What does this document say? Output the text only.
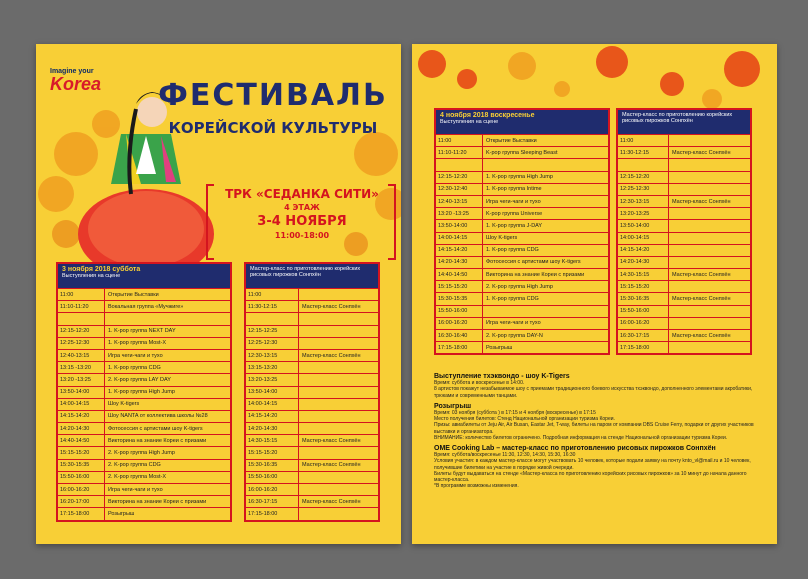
Imagine your
Korea ФЕСТИВАЛЬ
КОРЕЙСКОЙ КУЛЬТУРЫ
ТРК «СЕДАНКА СИТИ»
4 ЭТАЖ
3-4 НОЯБРЯ
11:00-18:00
3 ноября 2018 суббота
Выступления на сцене
11:00	Открытие Выставки
11:10-11:20	Вокальная группа «Мучжиге»
12:15-12:20	1. K-pop группа NEXT DAY
12:25-12:30	1. K-pop группа Most-X
12:40-13:15	Игра чеги-чаги и тухо
13:15 -13:20	1. K-pop группа CDG
13:20 -13:25	2. K-pop группа LAY DAY
13:50-14:00	1. K-pop группа High Jump
14:00-14:15	Шоу K-tigers
14:15-14:20	Шоу NANTA от коллектива школы №28
14:20-14:30	Фотосессия с артистами шоу K-tigers
14:40-14:50	Викторина на знание Кореи с призами
15:15-15:20	2. K-pop группа High Jump
15:30-15:35	2. K-pop группа CDG
15:50-16:00	2. K-pop группа Most-X
16:00-16:20	Игра чеги-чаги и тухо
16:20-17:00	Викторина на знание Кореи с призами
17:15-18:00	Розыгрыш
Мастер-класс по приготовлению корейских рисовых пирожков Сонпхён
11:00
11:30-12:15	Мастер-класс Сонпхён
12:15-12:25
12:25-12:30
12:30-13:15	Мастер-класс Сонпхён
13:15-13:20
13:20-13:25
13:50-14:00
14:00-14:15
14:15-14:20
14:20-14:30
14:30-15:15	Мастер-класс Сонпхён
15:15-15:20
15:30-16:35	Мастер-класс Сонпхён
15:50-16:00
16:00-16:20
16:30-17:15	Мастер-класс Сонпхён
17:15-18:00
4 ноября 2018 воскресенье
Выступления на сцене
11:00	Открытие Выставки
11:10-11:20	K-pop группа Sleeping Beast
12:15-12:20	1. K-pop группа High Jump
12:30-12:40	1. K-pop группа Intime
12:40-13:15	Игра чеги-чаги и тухо
13:20 -13:25	K-pop группа Universe
13:50-14:00	1. K-pop группа J-DAY
14:00-14:15	Шоу K-tigers
14:15-14:20	1. K-pop группа CDG
14:20-14:30	Фотосессия с артистами шоу K-tigers
14:40-14:50	Викторина на знание Кореи с призами
15:15-15:20	2. K-pop группа High Jump
15:30-15:35	1. K-pop группа CDG
15:50-16:00
16:00-16:20	Игра чеги-чаги и тухо
16:30-16:40	2. K-pop группа DAY-N
17:15-18:00	Розыгрыш
Мастер-класс по приготовлению корейских рисовых пирожков Сонпхён
11:00
11:30-12:15	Мастер-класс Сонпхён
12:15-12:20
12:25-12:30
12:30-13:15	Мастер-класс Сонпхён
13:20-13:25
13:50-14:00
14:00-14:15
14:15-14:20
14:20-14:30
14:30-15:15	Мастер-класс Сонпхён
15:15-15:20
15:30-16:35	Мастер-класс Сонпхён
15:50-16:00
16:00-16:20
16:30-17:15	Мастер-класс Сонпхён
17:15-18:00
Выступление тхэквондо - шоу K-Tigers

Время: суббота и воскресенье в 14:00.

8 артистов покажут незабываемое шоу с приемами традиционного боевого искусства тхэквондо, дополненного элементами акробатики, трюками и современными танцами.

Розыгрыш

Время: 03 ноября (суббота ) в 17:15 и 4 ноября (воскресенье) в 17:15

Место получения билетов: Стенд Национальной организации туризма Кореи.

Призы: авиабилеты от Jeju Air, Air Busan, Eastar Jet, T-way, билеты на паром от компании DBS Cruise Ferry, подарки от других участников выставки и организатора.

ВНИМАНИЕ: количество билетов ограничено. Подробная информация на стенде Национальной организации туризма Кореи.

OME Cooking Lab – мастер-класс по приготовлению рисовых пирожков Сонпхён

Время: суббота/воскресенье 11:30, 12:30, 14:30, 15:30, 16:30

Условия участия: в каждом мастер-классе могут участвовать 10 человек, которые подали заявку на почту knto_vl@mail.ru и 10 человек, получившие билетики на участие в порядке живой очереди.

Билеты будут выдаваться на стенде «Мастер-класса по приготовлению корейских рисовых пирожков» за 10 минут до начала данного мастер-класса.

*В программе возможны изменения.
